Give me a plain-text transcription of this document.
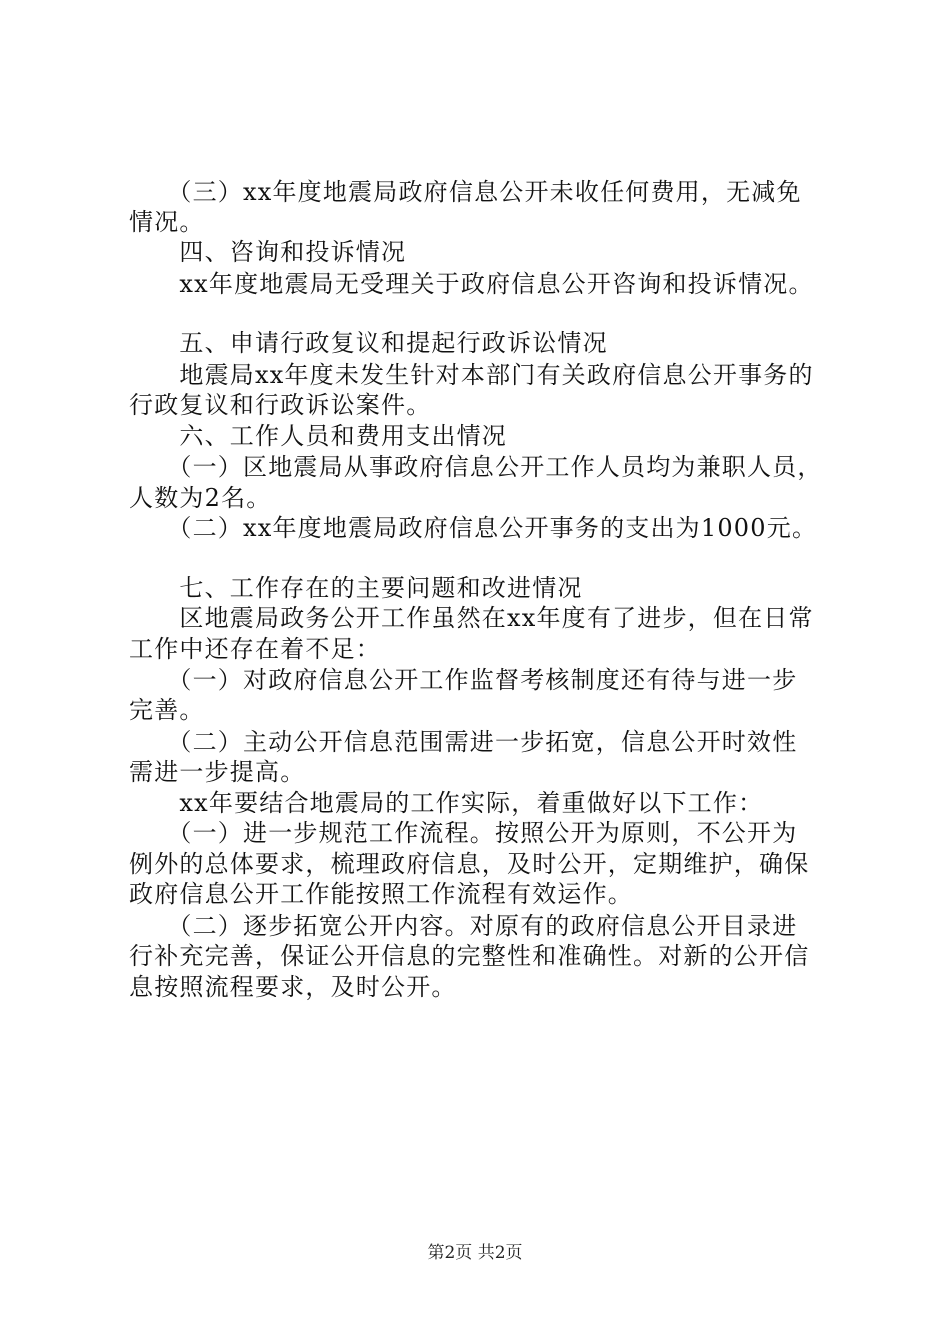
　　（三）xx年度地震局政府信息公开未收任何费用，无减免
情况。
　　四、咨询和投诉情况
　　xx年度地震局无受理关于政府信息公开咨询和投诉情况。
　　五、申请行政复议和提起行政诉讼情况
　　地震局xx年度未发生针对本部门有关政府信息公开事务的
行政复议和行政诉讼案件。
　　六、工作人员和费用支出情况
　　（一）区地震局从事政府信息公开工作人员均为兼职人员，
人数为2名。
　　（二）xx年度地震局政府信息公开事务的支出为1000元。
　　七、工作存在的主要问题和改进情况
　　区地震局政务公开工作虽然在xx年度有了进步，但在日常
工作中还存在着不足：
　　（一）对政府信息公开工作监督考核制度还有待与进一步
完善。
　　（二）主动公开信息范围需进一步拓宽，信息公开时效性
需进一步提高。
　　xx年要结合地震局的工作实际，着重做好以下工作：
　　（一）进一步规范工作流程。按照公开为原则，不公开为
例外的总体要求，梳理政府信息，及时公开，定期维护，确保
政府信息公开工作能按照工作流程有效运作。
　　（二）逐步拓宽公开内容。对原有的政府信息公开目录进
行补充完善，保证公开信息的完整性和准确性。对新的公开信
息按照流程要求，及时公开。
第2页 共2页
